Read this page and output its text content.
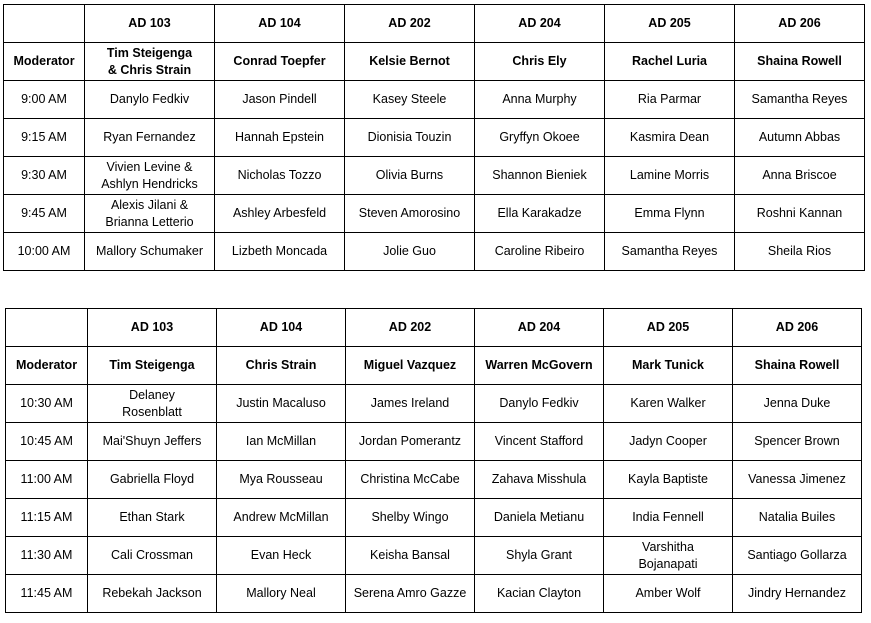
	AD 103	AD 104	AD 202	AD 204	AD 205	AD 206
Moderator	Tim Steigenga
& Chris Strain	Conrad Toepfer	Kelsie Bernot	Chris Ely	Rachel Luria	Shaina Rowell
9:00 AM	Danylo Fedkiv	Jason Pindell	Kasey Steele	Anna Murphy	Ria Parmar	Samantha Reyes
9:15 AM	Ryan Fernandez	Hannah Epstein	Dionisia Touzin	Gryffyn Okoee	Kasmira Dean	Autumn Abbas
9:30 AM	Vivien Levine &
Ashlyn Hendricks	Nicholas Tozzo	Olivia Burns	Shannon Bieniek	Lamine Morris	Anna Briscoe
9:45 AM	Alexis Jilani &
Brianna Letterio	Ashley Arbesfeld	Steven Amorosino	Ella Karakadze	Emma Flynn	Roshni Kannan
10:00 AM	Mallory Schumaker	Lizbeth Moncada	Jolie Guo	Caroline Ribeiro	Samantha Reyes	Sheila Rios
	AD 103	AD 104	AD 202	AD 204	AD 205	AD 206
Moderator	Tim Steigenga	Chris Strain	Miguel Vazquez	Warren McGovern	Mark Tunick	Shaina Rowell
10:30 AM	Delaney
Rosenblatt	Justin Macaluso	James Ireland	Danylo Fedkiv	Karen Walker	Jenna Duke
10:45 AM	Mai'Shuyn Jeffers	Ian McMillan	Jordan Pomerantz	Vincent Stafford	Jadyn Cooper	Spencer Brown
11:00 AM	Gabriella Floyd	Mya Rousseau	Christina McCabe	Zahava Misshula	Kayla Baptiste	Vanessa Jimenez
11:15 AM	Ethan Stark	Andrew McMillan	Shelby Wingo	Daniela Metianu	India Fennell	Natalia Builes
11:30 AM	Cali Crossman	Evan Heck	Keisha Bansal	Shyla Grant	Varshitha
Bojanapati	Santiago Gollarza
11:45 AM	Rebekah Jackson	Mallory Neal	Serena Amro Gazze	Kacian Clayton	Amber Wolf	Jindry Hernandez
